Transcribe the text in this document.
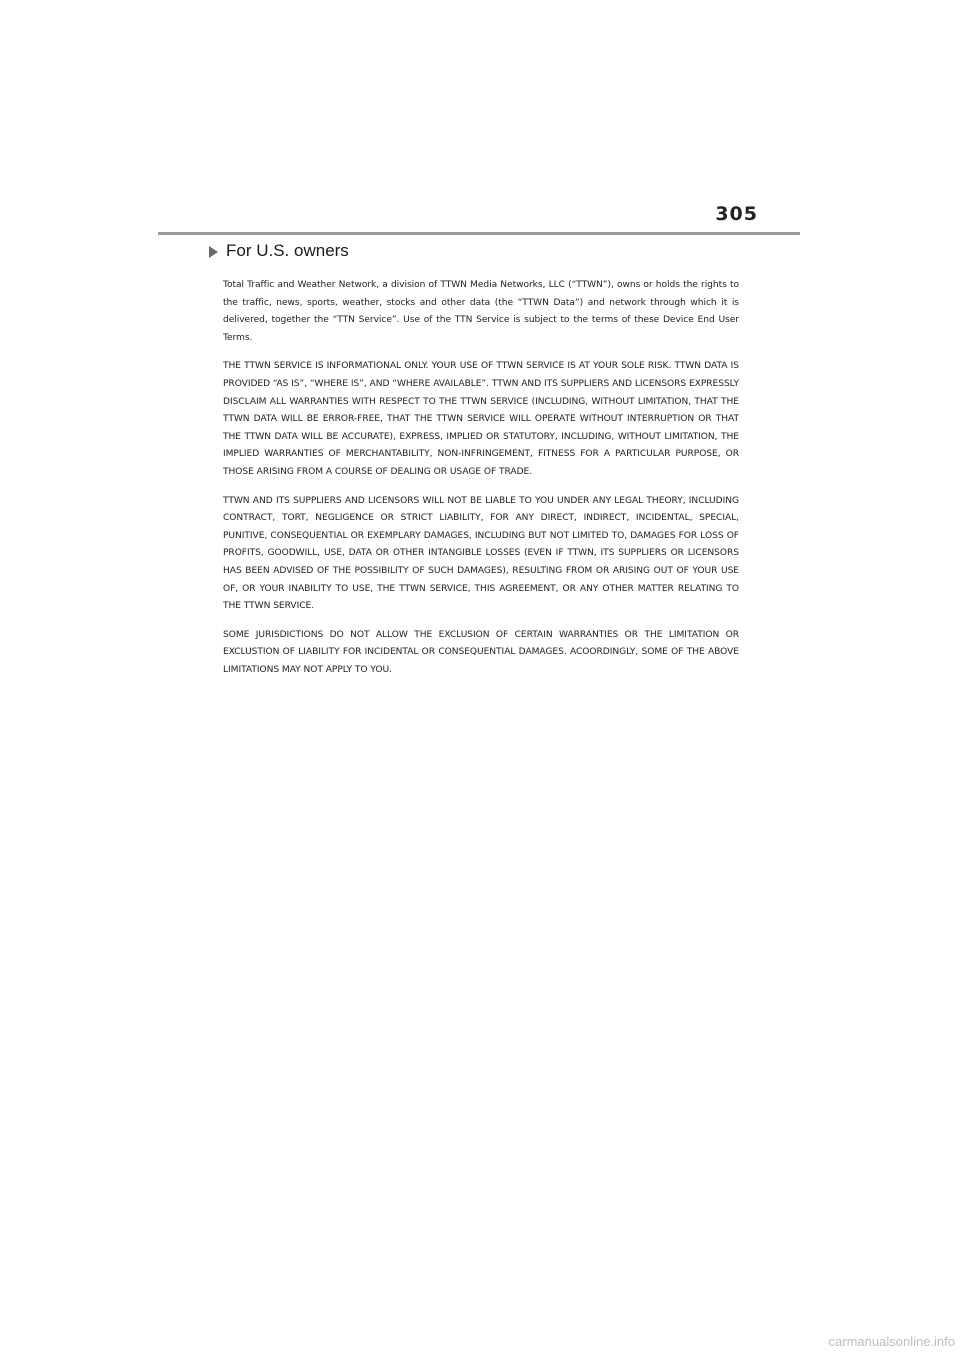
305
For U.S. owners

Total Traffic and Weather Network, a division of TTWN Media Networks, LLC (“TTWN”), owns or holds the rights to the traffic, news, sports, weather, stocks and other data (the “TTWN Data”) and network through which it is delivered, together the “TTN Service”. Use of the TTN Service is subject to the terms of these Device End User Terms.

THE TTWN SERVICE IS INFORMATIONAL ONLY. YOUR USE OF TTWN SERVICE IS AT YOUR SOLE RISK. TTWN DATA IS PROVIDED “AS IS”, “WHERE IS”, AND “WHERE AVAILABLE”. TTWN AND ITS SUPPLIERS AND LICENSORS EXPRESSLY DISCLAIM ALL WARRANTIES WITH RESPECT TO THE TTWN SERVICE (INCLUDING, WITHOUT LIMITATION, THAT THE TTWN DATA WILL BE ERROR-FREE, THAT THE TTWN SERVICE WILL OPERATE WITHOUT INTERRUPTION OR THAT THE TTWN DATA WILL BE ACCURATE), EXPRESS, IMPLIED OR STATUTORY, INCLUDING, WITHOUT LIMITATION, THE IMPLIED WARRANTIES OF MERCHANTABILITY, NON-INFRINGEMENT, FITNESS FOR A PARTICULAR PURPOSE, OR THOSE ARISING FROM A COURSE OF DEALING OR USAGE OF TRADE.

TTWN AND ITS SUPPLIERS AND LICENSORS WILL NOT BE LIABLE TO YOU UNDER ANY LEGAL THEORY, INCLUDING CONTRACT, TORT, NEGLIGENCE OR STRICT LIABILITY, FOR ANY DIRECT, INDIRECT, INCIDENTAL, SPECIAL, PUNITIVE, CONSEQUENTIAL OR EXEMPLARY DAMAGES, INCLUDING BUT NOT LIMITED TO, DAMAGES FOR LOSS OF PROFITS, GOODWILL, USE, DATA OR OTHER INTANGIBLE LOSSES (EVEN IF TTWN, ITS SUPPLIERS OR LICENSORS HAS BEEN ADVISED OF THE POSSIBILITY OF SUCH DAMAGES), RESULTING FROM OR ARISING OUT OF YOUR USE OF, OR YOUR INABILITY TO USE, THE TTWN SERVICE, THIS AGREEMENT, OR ANY OTHER MATTER RELATING TO THE TTWN SERVICE.

SOME JURISDICTIONS DO NOT ALLOW THE EXCLUSION OF CERTAIN WARRANTIES OR THE LIMITATION OR EXCLUSTION OF LIABILITY FOR INCIDENTAL OR CONSEQUENTIAL DAMAGES. ACOORDINGLY, SOME OF THE ABOVE LIMITATIONS MAY NOT APPLY TO YOU.

carmanualsonline.info
